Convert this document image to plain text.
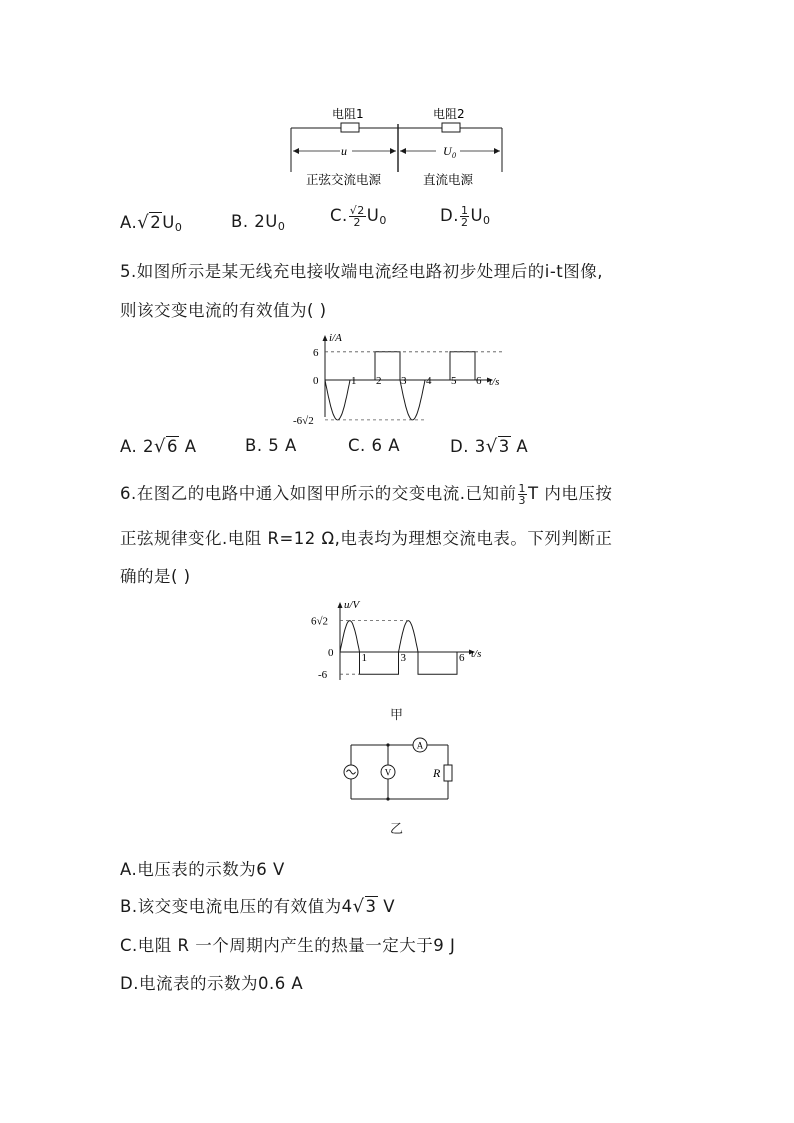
电阻1	电阻2
u	U 0
正弦交流电源	直流电源
$A.√2U_0$	B. $2U_0$
C. $\frac{√2}{2} U_0$	D. $\frac{1}{2} U_0$
5.如图所示是某无线充电接收端电流经电路初步处理后的i-t图像,
则该交变电流的有效值为( )
i/A
t/s
6
0
-6√2
1 2 3 4 5 6
A. 2√6 A	B. 5 A	C. 6 A	D. 3√3 A
6.在图乙的电路中通入如图甲所示的交变电流.已知前 $\frac{1}{3}$ T 内电压按
正弦规律变化.电阻 R=12 Ω,电表均为理想交流电表。下列判断正
确的是( )
u/V
t/s
6√2
0
-6
1	3	6
甲
V
A
R
乙
A.电压表的示数为6 V
B.该交变电流电压的有效值为4√3 V
C.电阻 R 一个周期内产生的热量一定大于9 J
D.电流表的示数为0.6 A
